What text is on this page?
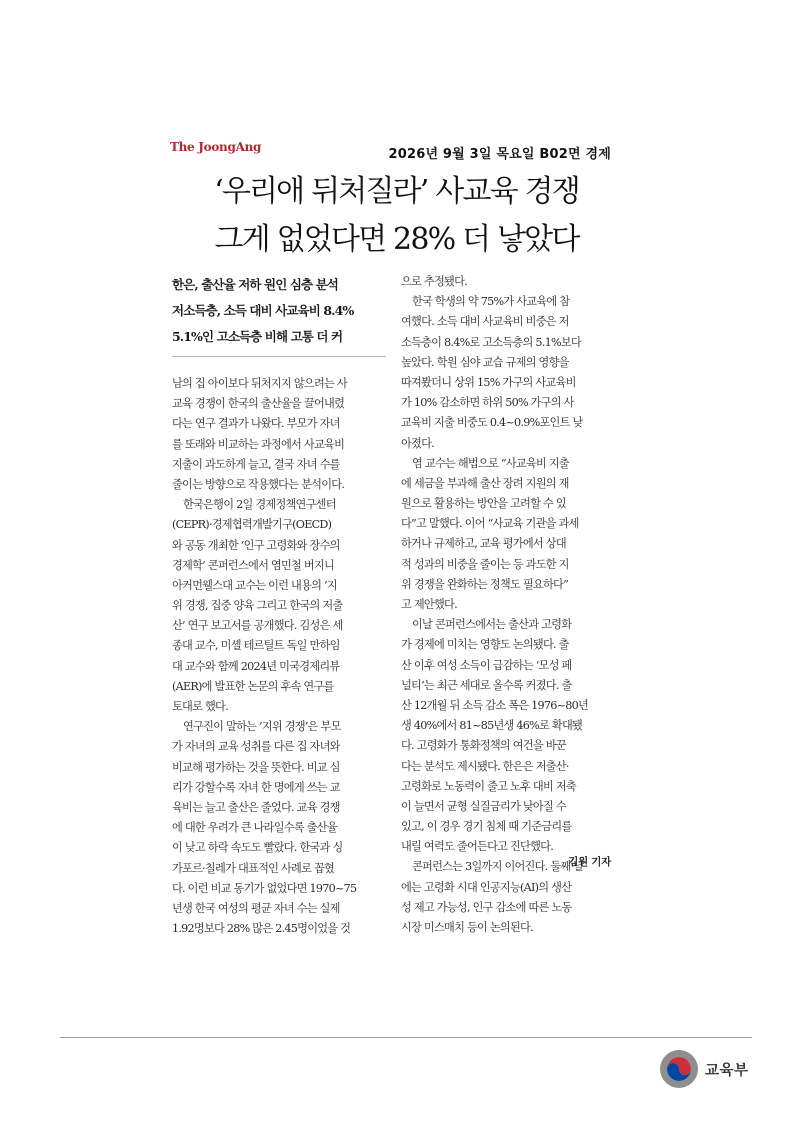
The JoongAng	2026년 9월 3일 목요일 B02면 경제
‘우리애 뒤처질라’ 사교육 경쟁
그게 없었다면 28% 더 낳았다
한은, 출산율 저하 원인 심층 분석
저소득층, 소득 대비 사교육비 8.4%
5.1%인 고소득층 비해 고통 더 커
남의 집 아이보다 뒤처지지 않으려는 사
교육 경쟁이 한국의 출산율을 끌어내렸
다는 연구 결과가 나왔다. 부모가 자녀
를 또래와 비교하는 과정에서 사교육비
지출이 과도하게 늘고, 결국 자녀 수를
줄이는 방향으로 작용했다는 분석이다.
한국은행이 2일 경제정책연구센터
(CEPR)·경제협력개발기구(OECD)
와 공동 개최한 ‘인구 고령화와 장수의
경제학’ 콘퍼런스에서 염민철 버지니
아커먼웰스대 교수는 이런 내용의 ‘지
위 경쟁, 집중 양육 그리고 한국의 저출
산’ 연구 보고서를 공개했다. 김성은 세
종대 교수, 미셸 테르틸트 독일 만하임
대 교수와 함께 2024년 미국경제리뷰
(AER)에 발표한 논문의 후속 연구를
토대로 했다.
연구진이 말하는 ‘지위 경쟁’은 부모
가 자녀의 교육 성취를 다른 집 자녀와
비교해 평가하는 것을 뜻한다. 비교 심
리가 강할수록 자녀 한 명에게 쓰는 교
육비는 늘고 출산은 줄었다. 교육 경쟁
에 대한 우려가 큰 나라일수록 출산율
이 낮고 하락 속도도 빨랐다. 한국과 싱
가포르·칠레가 대표적인 사례로 꼽혔
다. 이런 비교 동기가 없었다면 1970~75
년생 한국 여성의 평균 자녀 수는 실제
1.92명보다 28% 많은 2.45명이었을 것
으로 추정됐다.
한국 학생의 약 75%가 사교육에 참
여했다. 소득 대비 사교육비 비중은 저
소득층이 8.4%로 고소득층의 5.1%보다
높았다. 학원 심야 교습 규제의 영향을
따져봤더니 상위 15% 가구의 사교육비
가 10% 감소하면 하위 50% 가구의 사
교육비 지출 비중도 0.4~0.9%포인트 낮
아졌다.
염 교수는 해법으로 “사교육비 지출
에 세금을 부과해 출산 장려 지원의 재
원으로 활용하는 방안을 고려할 수 있
다”고 말했다. 이어 “사교육 기관을 과세
하거나 규제하고, 교육 평가에서 상대
적 성과의 비중을 줄이는 등 과도한 지
위 경쟁을 완화하는 정책도 필요하다”
고 제안했다.
이날 콘퍼런스에서는 출산과 고령화
가 경제에 미치는 영향도 논의됐다. 출
산 이후 여성 소득이 급감하는 ‘모성 페
널티’는 최근 세대로 올수록 커졌다. 출
산 12개월 뒤 소득 감소 폭은 1976~80년
생 40%에서 81~85년생 46%로 확대됐
다. 고령화가 통화정책의 여건을 바꾼
다는 분석도 제시됐다. 한은은 저출산·
고령화로 노동력이 줄고 노후 대비 저축
이 늘면서 균형 실질금리가 낮아질 수
있고, 이 경우 경기 침체 때 기준금리를
내릴 여력도 줄어든다고 진단했다.
콘퍼런스는 3일까지 이어진다. 둘째 날
에는 고령화 시대 인공지능(AI)의 생산
성 제고 가능성, 인구 감소에 따른 노동
시장 미스매치 등이 논의된다.
김원 기자
교육부
